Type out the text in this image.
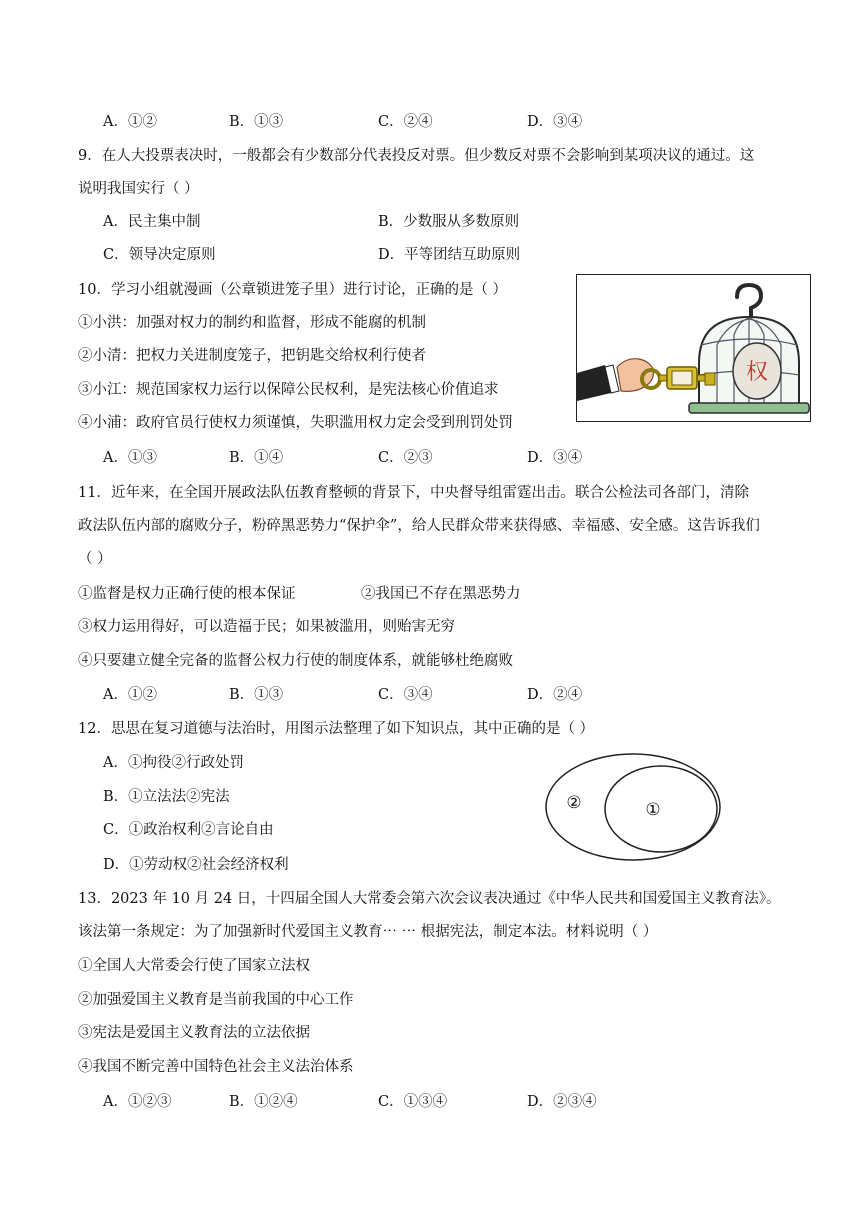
A．①②	B．①③	C．②④	D．③④
9．在人大投票表决时，一般都会有少数部分代表投反对票。但少数反对票不会影响到某项决议的通过。这
说明我国实行（ ）
A．民主集中制	B．少数服从多数原则
C．领导决定原则	D．平等团结互助原则
10．学习小组就漫画（公章锁进笼子里）进行讨论，正确的是（ ）
①小洪：加强对权力的制约和监督，形成不能腐的机制
②小清：把权力关进制度笼子，把钥匙交给权利行使者
③小江：规范国家权力运行以保障公民权利，是宪法核心价值追求
④小浦：政府官员行使权力须谨慎，失职滥用权力定会受到刑罚处罚
A．①③	B．①④	C．②③	D．③④
权
11．近年来，在全国开展政法队伍教育整顿的背景下，中央督导组雷霆出击。联合公检法司各部门，清除
政法队伍内部的腐败分子，粉碎黑恶势力“保护伞”，给人民群众带来获得感、幸福感、安全感。这告诉我们
（ ）
①监督是权力正确行使的根本保证	②我国已不存在黑恶势力
③权力运用得好，可以造福于民；如果被滥用，则贻害无穷
④只要建立健全完备的监督公权力行使的制度体系，就能够杜绝腐败
A．①②	B．①③	C．③④	D．②④
12．思思在复习道德与法治时，用图示法整理了如下知识点，其中正确的是（ ）
A．①拘役②行政处罚
B．①立法法②宪法
C．①政治权利②言论自由
D．①劳动权②社会经济权利
②	①
13．2023 年 10 月 24 日，十四届全国人大常委会第六次会议表决通过《中华人民共和国爱国主义教育法》。
该法第一条规定：为了加强新时代爱国主义教育⋯ ⋯ 根据宪法，制定本法。材料说明（ ）
①全国人大常委会行使了国家立法权
②加强爱国主义教育是当前我国的中心工作
③宪法是爱国主义教育法的立法依据
④我国不断完善中国特色社会主义法治体系
A．①②③	B．①②④	C．①③④	D．②③④
